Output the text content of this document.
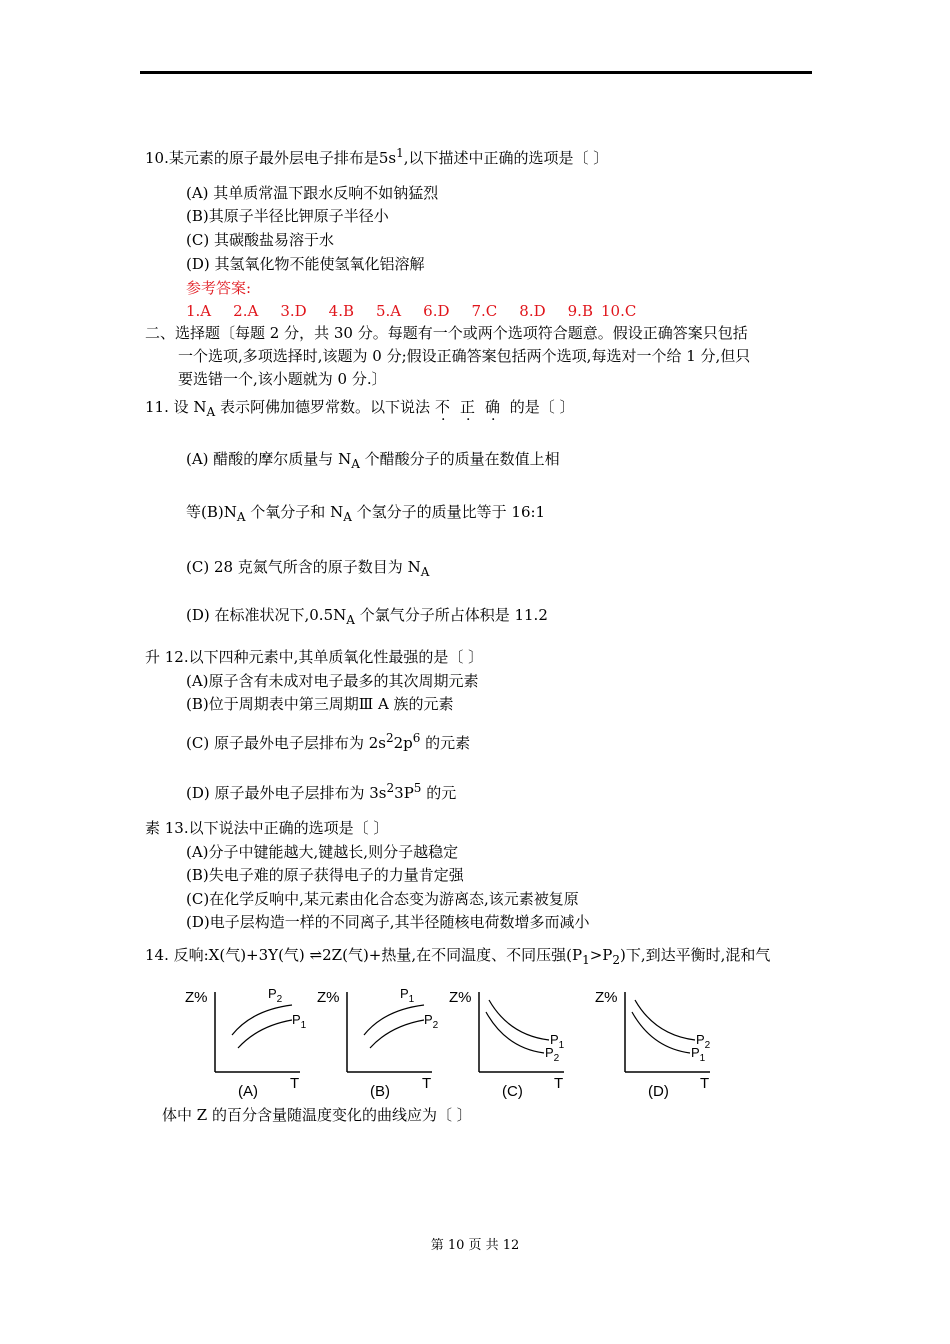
10.某元素的原子最外层电子排布是$5s^1$,以下描述中正确的选项是〔 〕
(A) 其单质常温下跟水反响不如钠猛烈
(B)其原子半径比钾原子半径小
(C) 其碳酸盐易溶于水
(D) 其氢氧化物不能使氢氧化铝溶解
参考答案:
1.A 2.A 3.D 4.B 5.A 6.D 7.C 8.D 9.B 10.C
二、选择题〔每题 2 分，共 30 分。每题有一个或两个选项符合题意。假设正确答案只包括
一个选项,多项选择时,该题为 0 分;假设正确答案包括两个选项,每选对一个给 1 分,但只
要选错一个,该小题就为 0 分.〕
11. 设 $N_A$ 表示阿佛加德罗常数。以下说法 不 正 确 的是〔 〕
(A) 醋酸的摩尔质量与 $N_A$ 个醋酸分子的质量在数值上相
等$(B)N_A$ 个氧分子和 $N_A$ 个氢分子的质量比等于 16:1
(C) 28 克氮气所含的原子数目为 $N_A$
(D) 在标准状况下$,0.5N_A$ 个氯气分子所占体积是 11.2
升 12.以下四种元素中,其单质氧化性最强的是〔 〕
(A)原子含有未成对电子最多的其次周期元素
(B)位于周期表中第三周期Ⅲ A 族的元素
(C) 原子最外电子层排布为 $2s^22p^6$ 的元素
(D) 原子最外电子层排布为 $3s^23P^5$ 的元
素 13.以下说法中正确的选项是〔 〕
(A)分子中键能越大,键越长,则分子越稳定
(B)失电子难的原子获得电子的力量肯定强
(C)在化学反响中,某元素由化合态变为游离态,该元素被复原
(D)电子层构造一样的不同离子,其半径随核电荷数增多而减小
14. 反响:X(气)+3Y(气) ⇌2Z(气)+热量,在不同温度、不同压强$(P_1>P_2)$下,到达平衡时,混和气
Z%
T
(A)
$P_2$
$P_1$
Z%
T
(B)
$P_1$
$P_2$
Z%
T
(C)
$P_1$
$P_2$
Z%
T
(D)
$P_2$
$P_1$
体中 Z 的百分含量随温度变化的曲线应为〔 〕
第 10 页 共 12
